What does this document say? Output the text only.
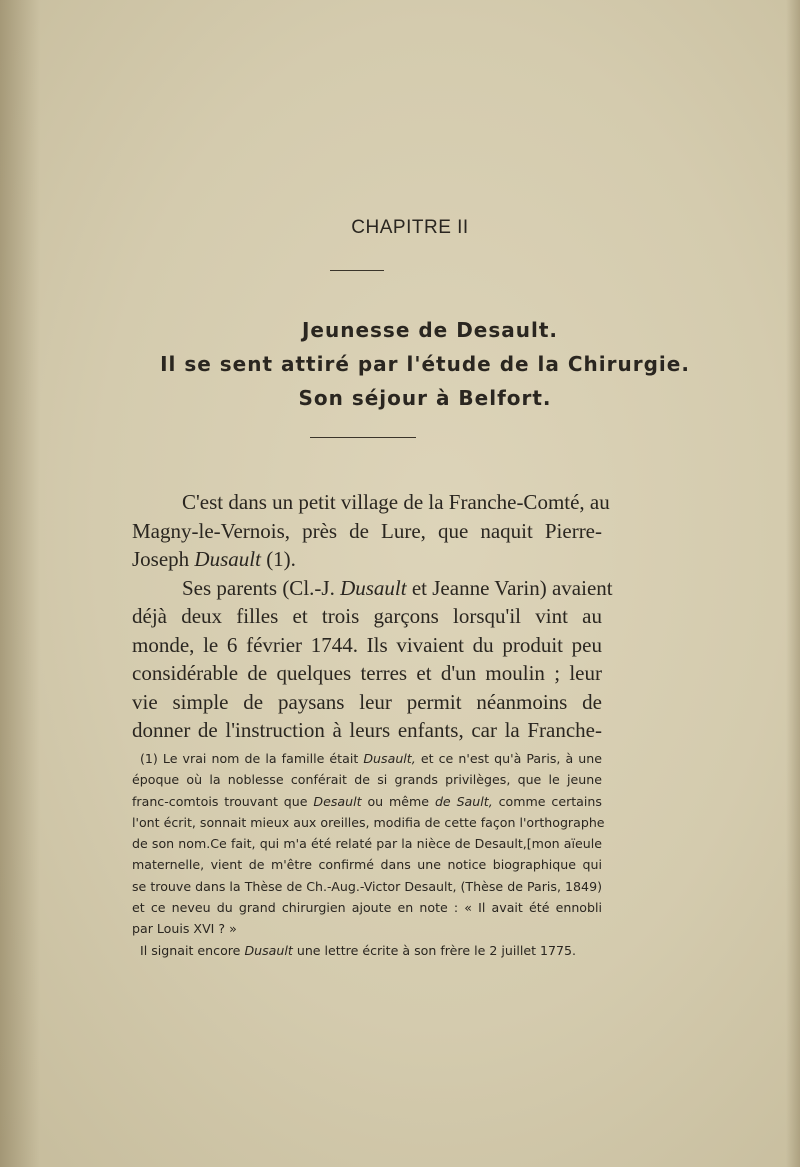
CHAPITRE II
Jeunesse de Desault.
Il se sent attiré par l'étude de la Chirurgie.
Son séjour à Belfort.
C'est dans un petit village de la Franche-Comté, au
Magny-le-Vernois, près de Lure, que naquit Pierre-
Joseph Dusault (1).
Ses parents (Cl.-J. Dusault et Jeanne Varin) avaient
déjà deux filles et trois garçons lorsqu'il vint au
monde, le 6 février 1744. Ils vivaient du produit peu
considérable de quelques terres et d'un moulin ; leur
vie simple de paysans leur permit néanmoins de
donner de l'instruction à leurs enfants, car la Franche-
(1) Le vrai nom de la famille était Dusault, et ce n'est qu'à Paris, à une
époque où la noblesse conférait de si grands privilèges, que le jeune
franc-comtois trouvant que Desault ou même de Sault, comme certains
l'ont écrit, sonnait mieux aux oreilles, modifia de cette façon l'orthographe
de son nom.Ce fait, qui m'a été relaté par la nièce de Desault,[mon aïeule
maternelle, vient de m'être confirmé dans une notice biographique qui
se trouve dans la Thèse de Ch.-Aug.-Victor Desault, (Thèse de Paris, 1849)
et ce neveu du grand chirurgien ajoute en note : « Il avait été ennobli
par Louis XVI ? »
Il signait encore Dusault une lettre écrite à son frère le 2 juillet 1775.
